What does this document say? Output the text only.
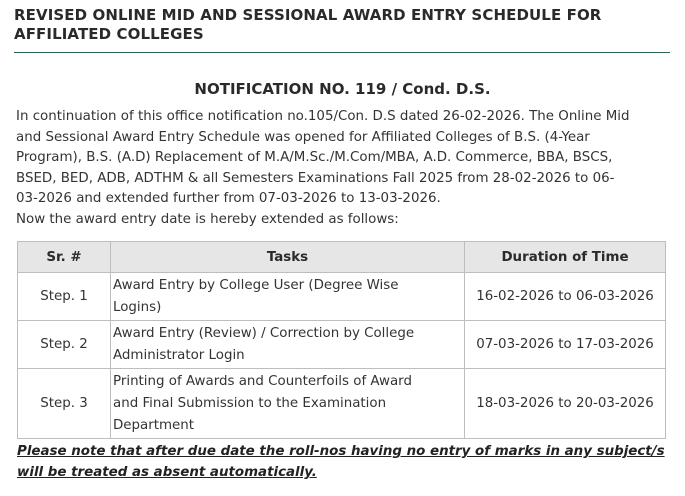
REVISED ONLINE MID AND SESSIONAL AWARD ENTRY SCHEDULE FOR
AFFILIATED COLLEGES
NOTIFICATION NO. 119 / Cond. D.S.
In continuation of this office notification no.105/Con. D.S dated 26-02-2026. The Online Mid
and Sessional Award Entry Schedule was opened for Affiliated Colleges of B.S. (4-Year
Program), B.S. (A.D) Replacement of M.A/M.Sc./M.Com/MBA, A.D. Commerce, BBA, BSCS,
BSED, BED, ADB, ADTHM & all Semesters Examinations Fall 2025 from 28-02-2026 to 06-
03-2026 and extended further from 07-03-2026 to 13-03-2026.
Now the award entry date is hereby extended as follows:
Sr. #	Tasks	Duration of Time
Step. 1	Award Entry by College User (Degree Wise
Logins)	16-02-2026 to 06-03-2026
Step. 2	Award Entry (Review) / Correction by College
Administrator Login	07-03-2026 to 17-03-2026
Step. 3	Printing of Awards and Counterfoils of Award
and Final Submission to the Examination
Department	18-03-2026 to 20-03-2026
Please note that after due date the roll-nos having no entry of marks in any subject/s
will be treated as absent automatically.
